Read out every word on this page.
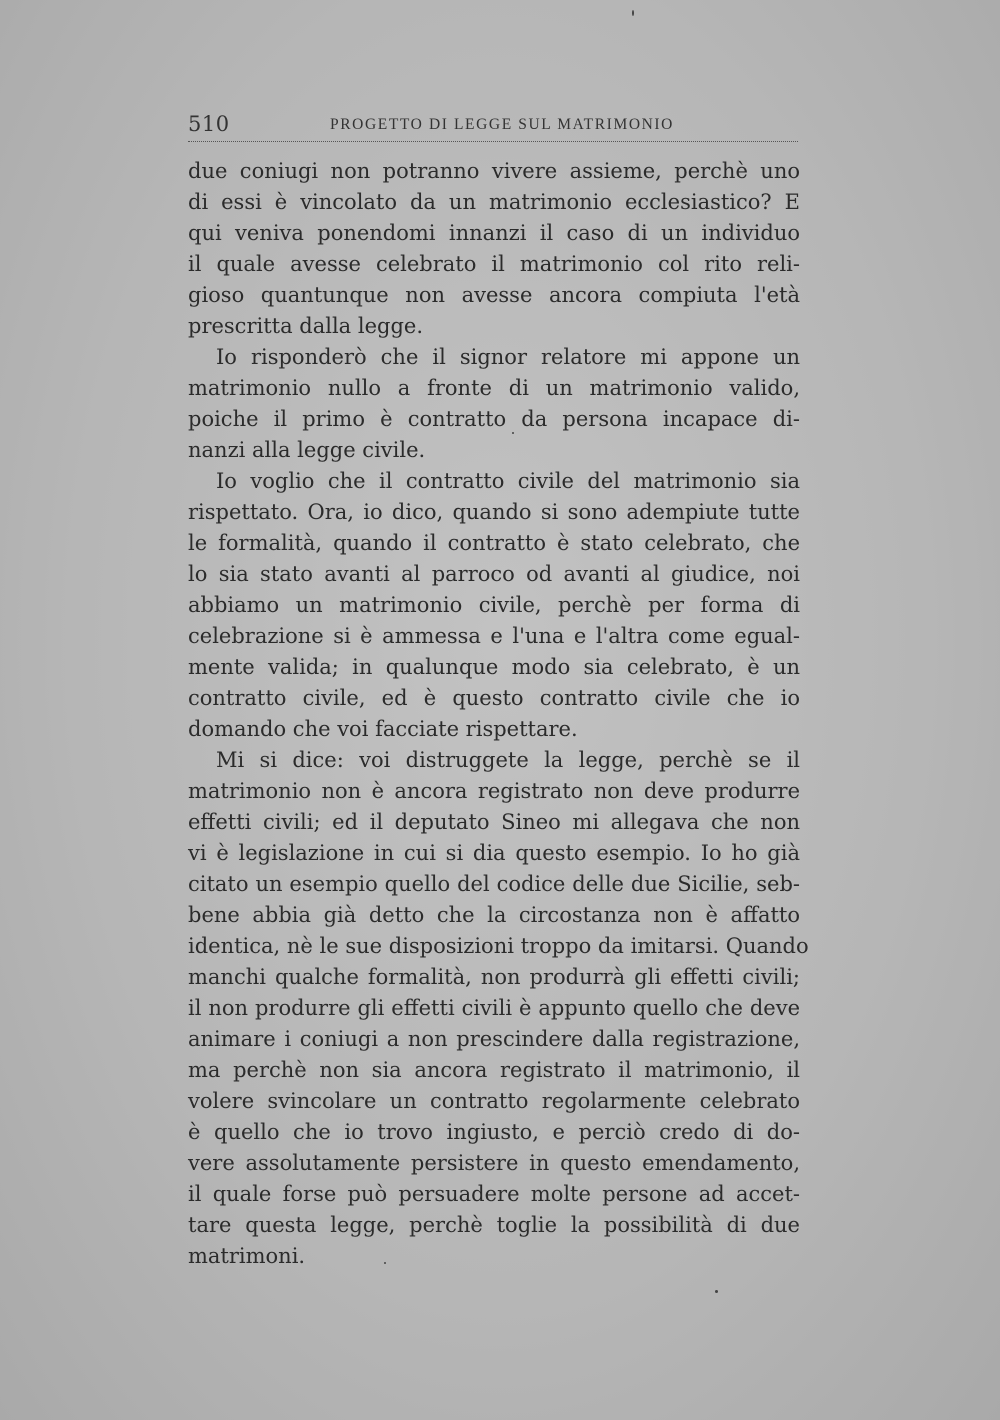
510	PROGETTO DI LEGGE SUL MATRIMONIO
due coniugi non potranno vivere assieme, perchè uno
di essi è vincolato da un matrimonio ecclesiastico? E
qui veniva ponendomi innanzi il caso di un individuo
il quale avesse celebrato il matrimonio col rito reli-
gioso quantunque non avesse ancora compiuta l'età
prescritta dalla legge.
Io risponderò che il signor relatore mi appone un
matrimonio nullo a fronte di un matrimonio valido,
poiche il primo è contratto da persona incapace di-
nanzi alla legge civile.
Io voglio che il contratto civile del matrimonio sia
rispettato. Ora, io dico, quando si sono adempiute tutte
le formalità, quando il contratto è stato celebrato, che
lo sia stato avanti al parroco od avanti al giudice, noi
abbiamo un matrimonio civile, perchè per forma di
celebrazione si è ammessa e l'una e l'altra come egual-
mente valida; in qualunque modo sia celebrato, è un
contratto civile, ed è questo contratto civile che io
domando che voi facciate rispettare.
Mi si dice: voi distruggete la legge, perchè se il
matrimonio non è ancora registrato non deve produrre
effetti civili; ed il deputato Sineo mi allegava che non
vi è legislazione in cui si dia questo esempio. Io ho già
citato un esempio quello del codice delle due Sicilie, seb-
bene abbia già detto che la circostanza non è affatto
identica, nè le sue disposizioni troppo da imitarsi. Quando
manchi qualche formalità, non produrrà gli effetti civili;
il non produrre gli effetti civili è appunto quello che deve
animare i coniugi a non prescindere dalla registrazione,
ma perchè non sia ancora registrato il matrimonio, il
volere svincolare un contratto regolarmente celebrato
è quello che io trovo ingiusto, e perciò credo di do-
vere assolutamente persistere in questo emendamento,
il quale forse può persuadere molte persone ad accet-
tare questa legge, perchè toglie la possibilità di due
matrimoni.
